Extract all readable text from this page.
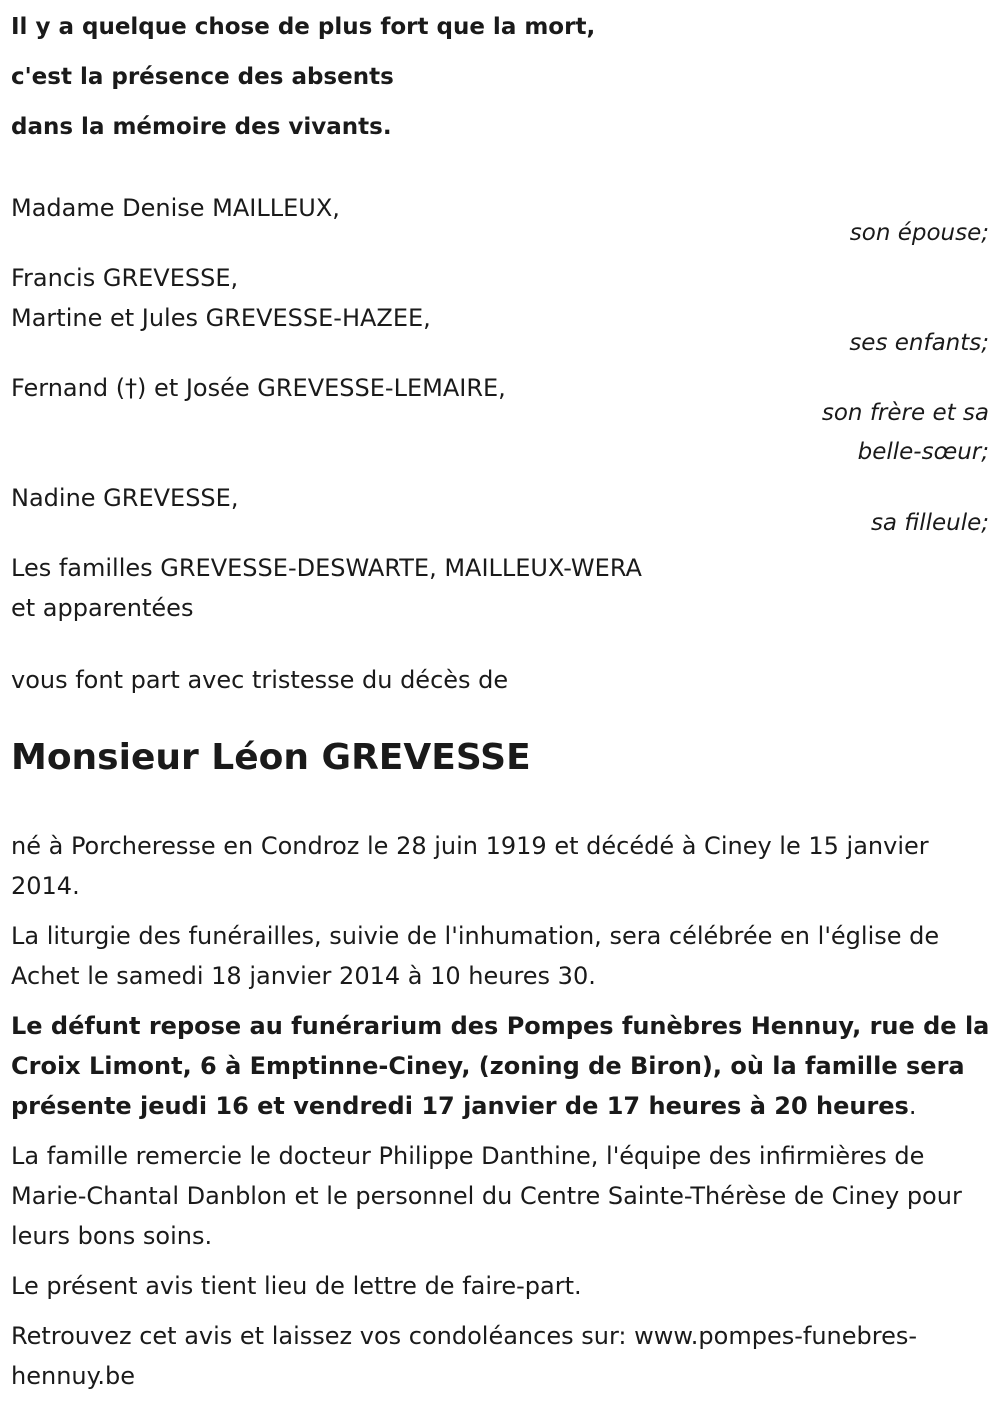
Il y a quelque chose de plus fort que la mort,
c'est la présence des absents
dans la mémoire des vivants.
Madame Denise MAILLEUX,
son épouse;
Francis GREVESSE,
Martine et Jules GREVESSE-HAZEE,
ses enfants;
Fernand (†) et Josée GREVESSE-LEMAIRE,
son frère et sa
belle-sœur;
Nadine GREVESSE,
sa filleule;
Les familles GREVESSE-DESWARTE, MAILLEUX-WERA
et apparentées
vous font part avec tristesse du décès de
Monsieur Léon GREVESSE

né à Porcheresse en Condroz le 28 juin 1919 et décédé à Ciney le 15 janvier 2014.

La liturgie des funérailles, suivie de l'inhumation, sera célébrée en l'église de Achet le samedi 18 janvier 2014 à 10 heures 30.

Le défunt repose au funérarium des Pompes funèbres Hennuy, rue de la Croix Limont, 6 à Emptinne-Ciney, (zoning de Biron), où la famille sera présente jeudi 16 et vendredi 17 janvier de 17 heures à 20 heures.

La famille remercie le docteur Philippe Danthine, l'équipe des infirmières de Marie-Chantal Danblon et le personnel du Centre Sainte-Thérèse de Ciney pour leurs bons soins.

Le présent avis tient lieu de lettre de faire-part.

Retrouvez cet avis et laissez vos condoléances sur: www.pompes-funebres-hennuy.be
